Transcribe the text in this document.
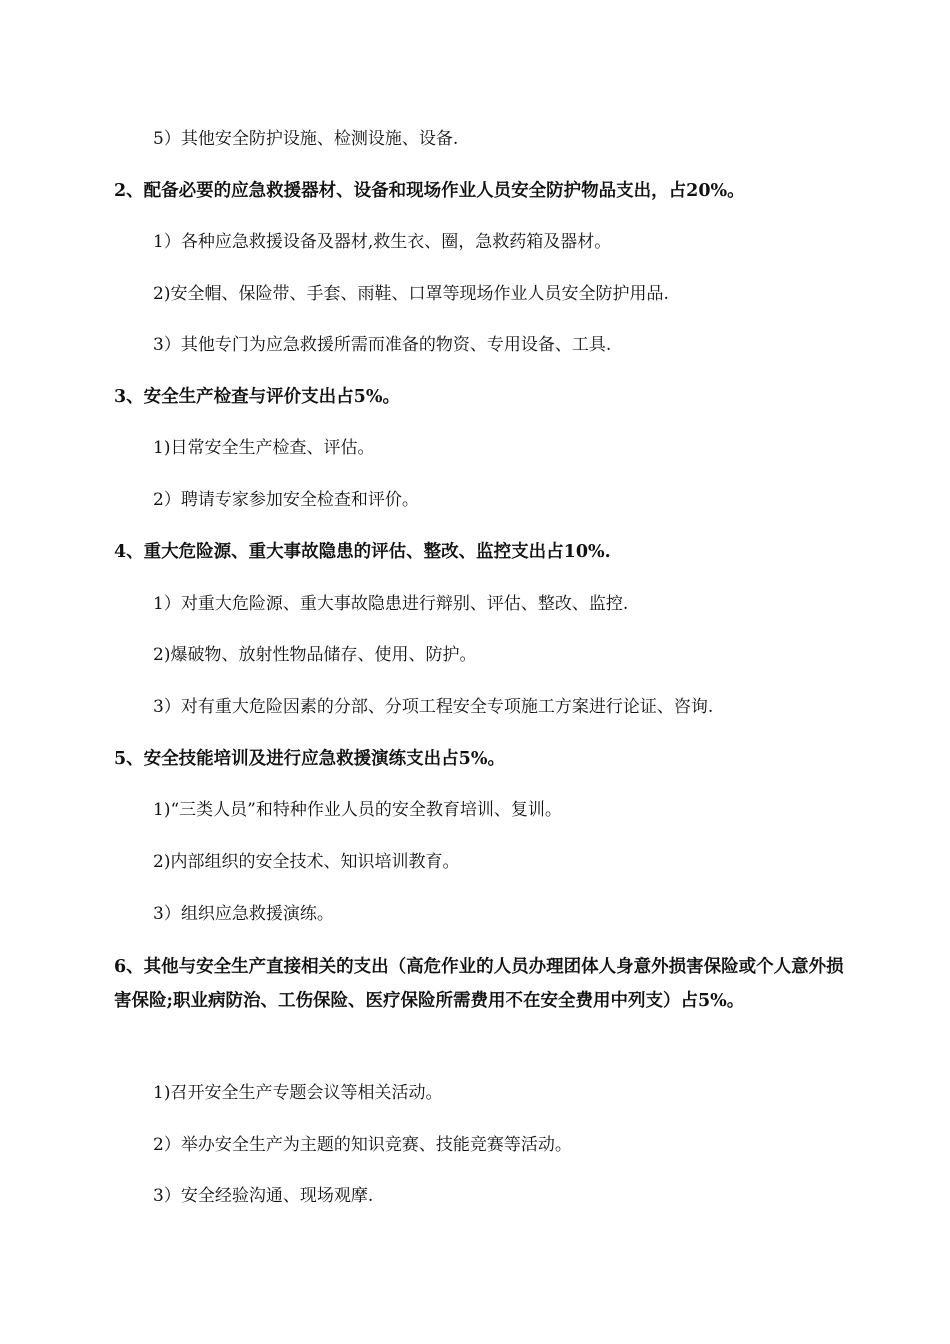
5）其他安全防护设施、检测设施、设备.
2、配备必要的应急救援器材、设备和现场作业人员安全防护物品支出，占20%。
1）各种应急救援设备及器材,救生衣、圈，急救药箱及器材。
2)安全帽、保险带、手套、雨鞋、口罩等现场作业人员安全防护用品.
3）其他专门为应急救援所需而准备的物资、专用设备、工具.
3、安全生产检查与评价支出占5%。
1)日常安全生产检查、评估。
2）聘请专家参加安全检查和评价。
4、重大危险源、重大事故隐患的评估、整改、监控支出占10%.
1）对重大危险源、重大事故隐患进行辩别、评估、整改、监控.
2)爆破物、放射性物品储存、使用、防护。
3）对有重大危险因素的分部、分项工程安全专项施工方案进行论证、咨询.
5、安全技能培训及进行应急救援演练支出占5%。
1)“三类人员”和特种作业人员的安全教育培训、复训。
2)内部组织的安全技术、知识培训教育。
3）组织应急救援演练。
6、其他与安全生产直接相关的支出（高危作业的人员办理团体人身意外损害保险或个人意外损害保险;职业病防治、工伤保险、医疗保险所需费用不在安全费用中列支）占5%。
1)召开安全生产专题会议等相关活动。
2）举办安全生产为主题的知识竞赛、技能竞赛等活动。
3）安全经验沟通、现场观摩.
